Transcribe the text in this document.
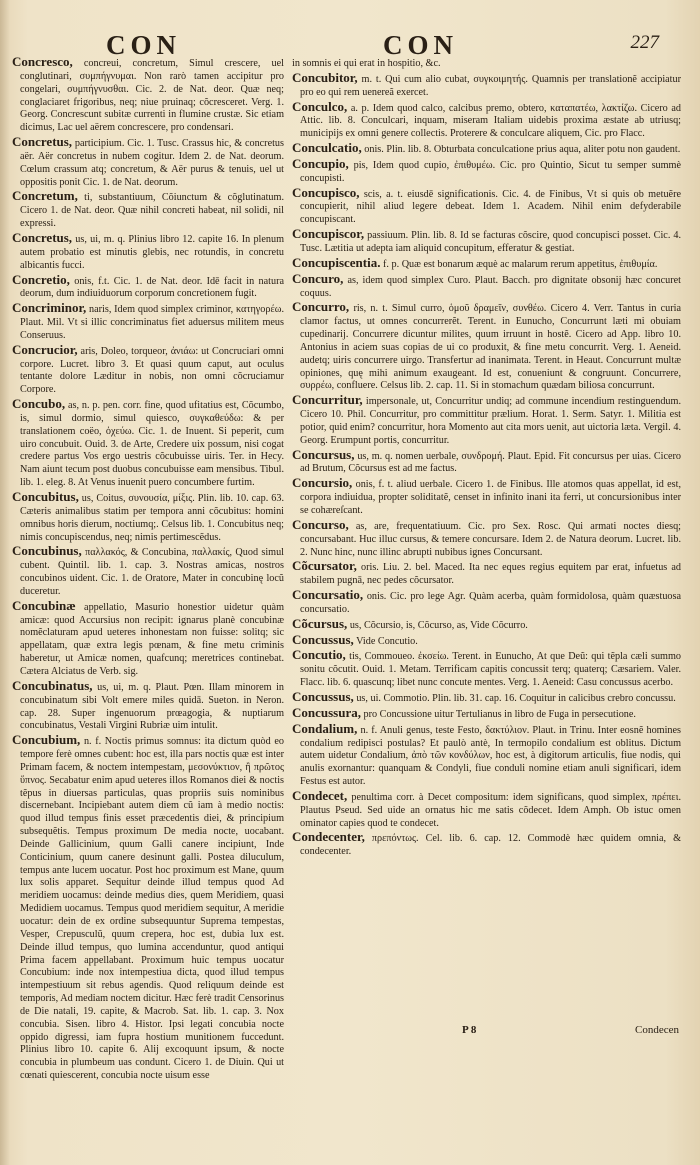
CON	CON	227
Concresco, concreui, concretum, Simul crescere, uel conglutinari, συμπήγνυμαι. Non rarò tamen accipitur pro congelari, συμπήγνυσθαι. Cic. 2. de Nat. deor. Quæ neq; conglaciaret frigoribus, neq; niue pruinaq; cõcresceret. Verg. 1. Georg. Concrescunt subitæ currenti in flumine crustæ. Sic etiam dicimus, Lac uel aërem concrescere, pro condensari.
Concretus, participium. Cic. 1. Tusc. Crassus hic, & concretus aër. Aër concretus in nubem cogitur. Idem 2. de Nat. deorum. Cœlum crassum atq; concretum, & Aër purus & tenuis, uel ut oppositis ponit Cic. 1. de Nat. deorum.
Concretum, ti, substantiuum, Cõiunctum & cõglutinatum. Cicero 1. de Nat. deor. Quæ nihil concreti habeat, nil solidi, nil expressi.
Concretus, us, ui, m. q. Plinius libro 12. capite 16. In plenum autem probatio est minutis glebis, nec rotundis, in concretu albicantis fucci.
Concretio, onis, f.t. Cic. 1. de Nat. deor. Idē facit in natura deorum, dum indiuiduorum corporum concretionem fugit.
Concriminor, naris, Idem quod simplex criminor, κατηγορέω. Plaut. Mil. Vt si illic concriminatus fiet aduersus militem meus Conseruus.
Concrucior, aris, Doleo, torqueor, ἀνιάω: ut Concruciari omni corpore. Lucret. libro 3. Et quasi quum caput, aut oculus tentante dolore Læditur in nobis, non omni cõcruciamur Corpore.
Concubo, as, n. p. pen. corr. fine, quod ufitatius est, Cõcumbo, is, simul dormio, simul quiesco, συγκαθεύδω: & per translationem coëo, ὀχεύω. Cic. 1. de Inuent. Si peperit, cum uiro concubuit. Ouid. 3. de Arte, Credere uix possum, nisi cogat credere partus Vos ergo uestris cõcubuisse uiris. Ter. in Hecy. Nam aiunt tecum post duobus concubuisse eam mensibus. Tibul. lib. 1. eleg. 8. At Venus inuenit puero concumbere furtim.
Concubitus, us, Coitus, συνουσία, μίξις. Plin. lib. 10. cap. 63. Cæteris animalibus statim per tempora anni cõcubitus: homini omnibus horis dierum, noctiumq;. Celsus lib. 1. Concubitus neq; nimis concupiscendus, neq; nimis pertimescẽdus.
Concubinus, παλλακός, & Concubina, παλλακίς, Quod simul cubent. Quintil. lib. 1. cap. 3. Nostras amicas, nostros concubinos uident. Cic. 1. de Oratore, Mater in concubinę locũ duceretur.
Concubinæ appellatio, Masurio honestior uidetur quàm amicæ: quod Accursius non recipit: ignarus planè concubinæ nomẽclaturam apud ueteres inhonestam non fuisse: solitq; sic appellatam, quæ extra legis pœnam, & fine metu criminis haberetur, ut Amicæ nomen, quafcunq; meretrices continebat. Cætera Alciatus de Verb. sig.
Concubinatus, us, ui, m. q. Plaut. Pœn. Illam minorem in concubinatum sibi Volt emere miles quidā. Sueton. in Neron. cap. 28. Super ingenuorum prœagogia, & nuptiarum concubinatus, Vestali Virgini Rubriæ uim intulit.
Concubium, n. f. Noctis primus somnus: ita dictum quòd eo tempore ferè omnes cubent: hoc est, illa pars noctis quæ est inter Primam facem, & noctem intempestam, μεσονύκτιον, ἢ πρῶτος ὕπνος. Secabatur enim apud ueteres illos Romanos diei & noctis tẽpus in diuersas particulas, quas propriis suis nominibus discernebant. Incipiebant autem diem cũ iam à medio noctis: quod illud tempus finis esset præcedentis diei, & principium subsequẽtis. Tempus proximum De media nocte, uocabant. Deinde Gallicinium, quum Galli canere incipiunt, Inde Conticinium, quum canere desinunt galli. Postea diluculum, tempus ante lucem uocatur. Post hoc proximum est Mane, quum lux solis apparet. Sequitur deinde illud tempus quod Ad meridiem uocamus: deinde medius dies, quem Meridiem, quasi Medidiem uocamus. Tempus quod meridiem sequitur, A meridie uocatur: dein de ex ordine subsequuntur Suprema tempestas, Vesper, Crepusculũ, quum crepera, hoc est, dubia lux est. Deinde illud tempus, quo lumina accenduntur, quod antiqui Prima facem appellabant. Proximum huic tempus uocatur Concubium: inde nox intempestiua dicta, quod illud tempus intempestiuum sit rebus agendis. Quod reliquum deinde est temporis, Ad mediam noctem dicitur. Hæc ferè tradit Censorinus de Die natali, 19. capite, & Macrob. Sat. lib. 1. cap. 3. Nox concubia. Sisen. libro 4. Histor. Ipsi legati concubia nocte oppido digressi, iam fupra hostium munitionem fuccedunt. Plinius libro 10. capite 6. Alij excoquunt ipsum, & nocte concubia in plumbeum uas condunt. Cicero 1. de Diuin. Qui ut cœnati quiescerent, concubia nocte uisum esse
in somnis ei qui erat in hospitio, &c.
Concubitor, m. t. Qui cum alio cubat, συγκοιμητής. Quamnis per translationẽ accipiatur pro eo qui rem uenereã exercet.
Conculco, a. p. Idem quod calco, calcibus premo, obtero, καταπατέω, λακτίζω. Cicero ad Attic. lib. 8. Conculcari, inquam, miseram Italiam uidebis proxima æstate ab utriusq; municipijs ex omni genere collectis. Proterere & conculcare aliquem, Cic. pro Flacc.
Conculcatio, onis. Plin. lib. 8. Obturbata conculcatione prius aqua, aliter potu non gaudent.
Concupio, pis, Idem quod cupio, ἐπιθυμέω. Cic. pro Quintio, Sicut tu semper summè concupisti.
Concupisco, scis, a. t. eiusdē significationis. Cic. 4. de Finibus, Vt si quis ob metuẽre concupierit, nihil aliud legere debeat. Idem 1. Academ. Nihil enim defyderabile concupiscant.
Concupiscor, passiuum. Plin. lib. 8. Id se facturas cõscire, quod concupisci posset. Cic. 4. Tusc. Lætitia ut adepta iam aliquid concupitum, efferatur & gestiat.
Concupiscentia. f. p. Quæ est bonarum æquè ac malarum rerum appetitus, ἐπιθυμία.
Concuro, as, idem quod simplex Curo. Plaut. Bacch. pro dignitate obsonij hæc concuret coquus.
Concurro, ris, n. t. Simul curro, ὁμοῦ δραμεῖν, συνθέω. Cicero 4. Verr. Tantus in curia clamor factus, ut omnes concurrerẽt. Terent. in Eunucho, Concurrunt læti mi obuiam cupedinarij. Concurrere dicuntur milites, quum irruunt in hostẽ. Cicero ad App. libro 10. Antonius in aciem suas copias de ui co produxit, & fine metu concurrit. Verg. 1. Aeneid. audetq; uiris concurrere uirgo. Transfertur ad inanimata. Terent. in Heaut. Concurrunt multæ opiniones, quę mihi animum exaugeant. Id est, conueniunt & congruunt. Concurrere, συρρέω, confluere. Celsus lib. 2. cap. 11. Si in stomachum quædam biliosa concurrunt.
Concurritur, impersonale, ut, Concurritur undiq; ad commune incendium restinguendum. Cicero 10. Phil. Concurritur, pro committitur prælium. Horat. 1. Serm. Satyr. 1. Militia est potior, quid enim? concurritur, hora Momento aut cita mors uenit, aut uictoria læta. Vergil. 4. Georg. Erumpunt portis, concurritur.
Concursus, us, m. q. nomen uerbale, συνδρομή. Plaut. Epid. Fit concursus per uias. Cicero ad Brutum, Cõcursus est ad me factus.
Concursio, onis, f. t. aliud uerbale. Cicero 1. de Finibus. Ille atomos quas appellat, id est, corpora indiuidua, propter soliditatẽ, censet in infinito inani ita ferri, ut concursionibus inter se cohæreſcant.
Concurso, as, are, frequentatiuum. Cic. pro Sex. Rosc. Qui armati noctes diesq; concursabant. Huc illuc cursus, & temere concursare. Idem 2. de Natura deorum. Lucret. lib. 2. Nunc hinc, nunc illinc abrupti nubibus ignes Concursant.
Cõcursator, oris. Liu. 2. bel. Maced. Ita nec eques regius equitem par erat, infuetus ad stabilem pugnā, nec pedes cõcursator.
Concursatio, onis. Cic. pro lege Agr. Quàm acerba, quàm formidolosa, quàm quæstuosa concursatio.
Cõcursus, us, Cõcursio, is, Cõcurso, as, Vide Cõcurro.
Concussus, Vide Concutio.
Concutio, tis, Commoueo. ἐκσείω. Terent. in Eunucho, At que Deũ: qui tẽpla cæli summo sonitu cõcutit. Ouid. 1. Metam. Terrificam capitis concussit terq; quaterq; Cæsariem. Valer. Flacc. lib. 6. quascunq; libet nunc concute mentes. Verg. 1. Aeneid: Casu concussus acerbo.
Concussus, us, ui. Commotio. Plin. lib. 31. cap. 16. Coquitur in calicibus crebro concussu.
Concussura, pro Concussione uitur Tertulianus in libro de Fuga in persecutione.
Condalium, n. f. Anuli genus, teste Festo, δακτύλιον. Plaut. in Trinu. Inter eosnẽ homines condalium redipisci postulas? Et paulò antè, In termopilo condalium est oblitus. Dictum autem uidetur Condalium, ἀπὸ τῶν κονδύλων, hoc est, à digitorum articulis, fiue nodis, qui anulis exornantur: quanquam & Condyli, fiue conduli nomine etiam anuli significari, idem Festus est autor.
Condecet, penultima corr. à Decet compositum: idem significans, quod simplex, πρέπει. Plautus Pseud. Sed uide an ornatus hic me satis cõdecet. Idem Amph. Ob istuc omen ominator capies quod te condecet.
Condecenter, πρεπόντως. Cel. lib. 6. cap. 12. Commodè hæc quidem omnia, & condecenter.
P 8	Condecen
